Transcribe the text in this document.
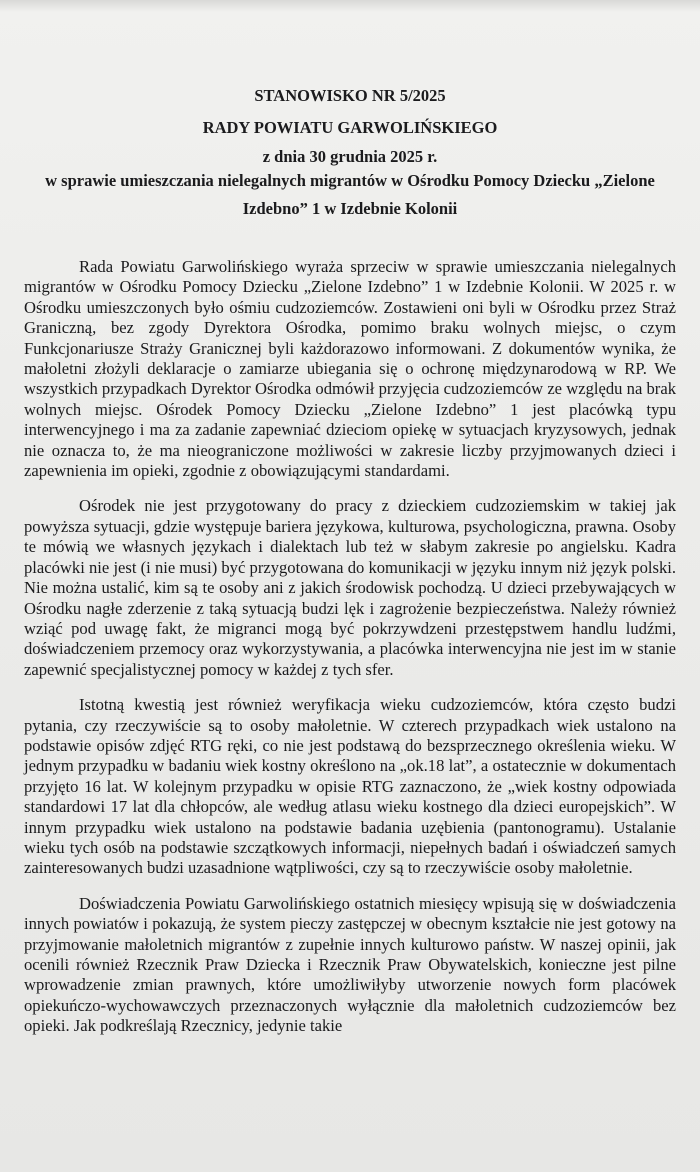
STANOWISKO NR 5/2025
RADY POWIATU GARWOLIŃSKIEGO
z dnia 30 grudnia 2025 r.
w sprawie umieszczania nielegalnych migrantów w Ośrodku Pomocy Dziecku „Zielone Izdebno” 1 w Izdebnie Kolonii

Rada Powiatu Garwolińskiego wyraża sprzeciw w sprawie umieszczania nielegalnych migrantów w Ośrodku Pomocy Dziecku „Zielone Izdebno” 1 w Izdebnie Kolonii. W 2025 r. w Ośrodku umieszczonych było ośmiu cudzoziemców. Zostawieni oni byli w Ośrodku przez Straż Graniczną, bez zgody Dyrektora Ośrodka, pomimo braku wolnych miejsc, o czym Funkcjonariusze Straży Granicznej byli każdorazowo informowani. Z dokumentów wynika, że małoletni złożyli deklaracje o zamiarze ubiegania się o ochronę międzynarodową w RP. We wszystkich przypadkach Dyrektor Ośrodka odmówił przyjęcia cudzoziemców ze względu na brak wolnych miejsc. Ośrodek Pomocy Dziecku „Zielone Izdebno” 1 jest placówką typu interwencyjnego i ma za zadanie zapewniać dzieciom opiekę w sytuacjach kryzysowych, jednak nie oznacza to, że ma nieograniczone możliwości w zakresie liczby przyjmowanych dzieci i zapewnienia im opieki, zgodnie z obowiązującymi standardami.

Ośrodek nie jest przygotowany do pracy z dzieckiem cudzoziemskim w takiej jak powyższa sytuacji, gdzie występuje bariera językowa, kulturowa, psychologiczna, prawna. Osoby te mówią we własnych językach i dialektach lub też w słabym zakresie po angielsku. Kadra placówki nie jest (i nie musi) być przygotowana do komunikacji w języku innym niż język polski. Nie można ustalić, kim są te osoby ani z jakich środowisk pochodzą. U dzieci przebywających w Ośrodku nagłe zderzenie z taką sytuacją budzi lęk i zagrożenie bezpieczeństwa. Należy również wziąć pod uwagę fakt, że migranci mogą być pokrzywdzeni przestępstwem handlu ludźmi, doświadczeniem przemocy oraz wykorzystywania, a placówka interwencyjna nie jest im w stanie zapewnić specjalistycznej pomocy w każdej z tych sfer.

Istotną kwestią jest również weryfikacja wieku cudzoziemców, która często budzi pytania, czy rzeczywiście są to osoby małoletnie. W czterech przypadkach wiek ustalono na podstawie opisów zdjęć RTG ręki, co nie jest podstawą do bezsprzecznego określenia wieku. W jednym przypadku w badaniu wiek kostny określono na „ok.18 lat”, a ostatecznie w dokumentach przyjęto 16 lat. W kolejnym przypadku w opisie RTG zaznaczono, że „wiek kostny odpowiada standardowi 17 lat dla chłopców, ale według atlasu wieku kostnego dla dzieci europejskich”. W innym przypadku wiek ustalono na podstawie badania uzębienia (pantonogramu). Ustalanie wieku tych osób na podstawie szczątkowych informacji, niepełnych badań i oświadczeń samych zainteresowanych budzi uzasadnione wątpliwości, czy są to rzeczywiście osoby małoletnie.

Doświadczenia Powiatu Garwolińskiego ostatnich miesięcy wpisują się w doświadczenia innych powiatów i pokazują, że system pieczy zastępczej w obecnym kształcie nie jest gotowy na przyjmowanie małoletnich migrantów z zupełnie innych kulturowo państw. W naszej opinii, jak ocenili również Rzecznik Praw Dziecka i Rzecznik Praw Obywatelskich, konieczne jest pilne wprowadzenie zmian prawnych, które umożliwiłyby utworzenie nowych form placówek opiekuńczo-wychowawczych przeznaczonych wyłącznie dla małoletnich cudzoziemców bez opieki. Jak podkreślają Rzecznicy, jedynie takie
